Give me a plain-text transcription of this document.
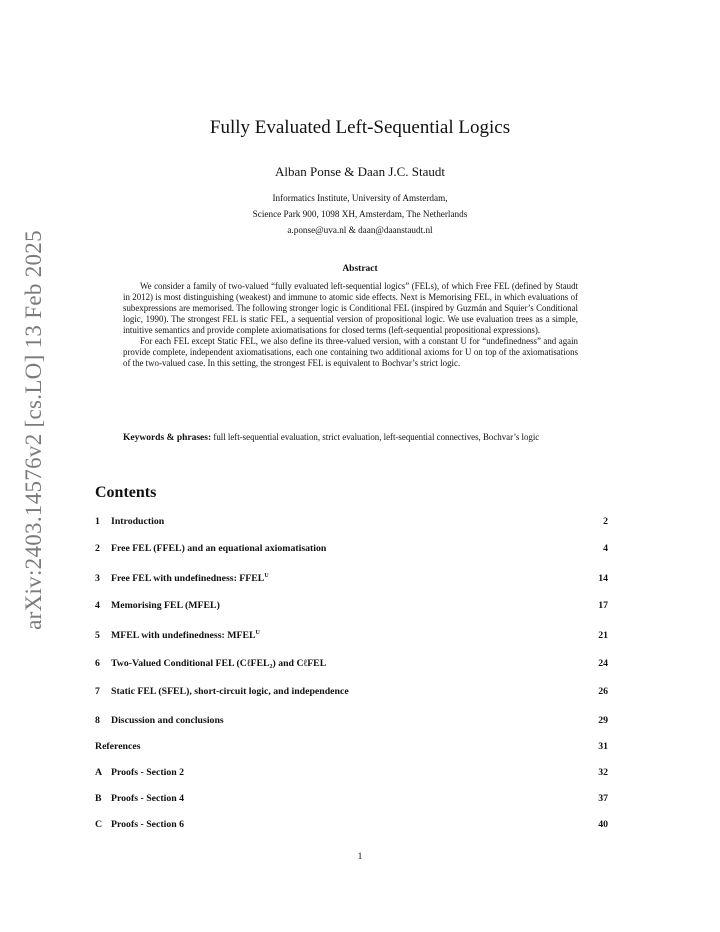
arXiv:2403.14576v2 [cs.LO] 13 Feb 2025
Fully Evaluated Left-Sequential Logics
Alban Ponse & Daan J.C. Staudt
Informatics Institute, University of Amsterdam,
Science Park 900, 1098 XH, Amsterdam, The Netherlands
a.ponse@uva.nl & daan@daanstaudt.nl
Abstract

We consider a family of two-valued “fully evaluated left-sequential logics” (FELs), of which Free FEL (defined by Staudt in 2012) is most distinguishing (weakest) and immune to atomic side effects. Next is Memorising FEL, in which evaluations of subexpressions are memorised. The following stronger logic is Conditional FEL (inspired by Guzmán and Squier’s Conditional logic, 1990). The strongest FEL is static FEL, a sequential version of propositional logic. We use evaluation trees as a simple, intuitive semantics and provide complete axiomatisations for closed terms (left-sequential propositional expressions).

For each FEL except Static FEL, we also define its three-valued version, with a constant U for “undefinedness” and again provide complete, independent axiomatisations, each one containing two additional axioms for U on top of the axiomatisations of the two-valued case. In this setting, the strongest FEL is equivalent to Bochvar’s strict logic.

Keywords & phrases: full left-sequential evaluation, strict evaluation, left-sequential connectives, Bochvar’s logic
Contents
1	Introduction	2
2	Free FEL (FFEL) and an equational axiomatisation	4
3	Free FEL with undefinedness: FFEL U	14
4	Memorising FEL (MFEL)	17
5	MFEL with undefinedness: MFEL U	21
6	Two-Valued Conditional FEL (CℓFEL₂) and CℓFEL	24
7	Static FEL (SFEL), short-circuit logic, and independence	26
8	Discussion and conclusions	29
References	31
A Proofs - Section 2	32
B Proofs - Section 4	37
C Proofs - Section 6	40
1
